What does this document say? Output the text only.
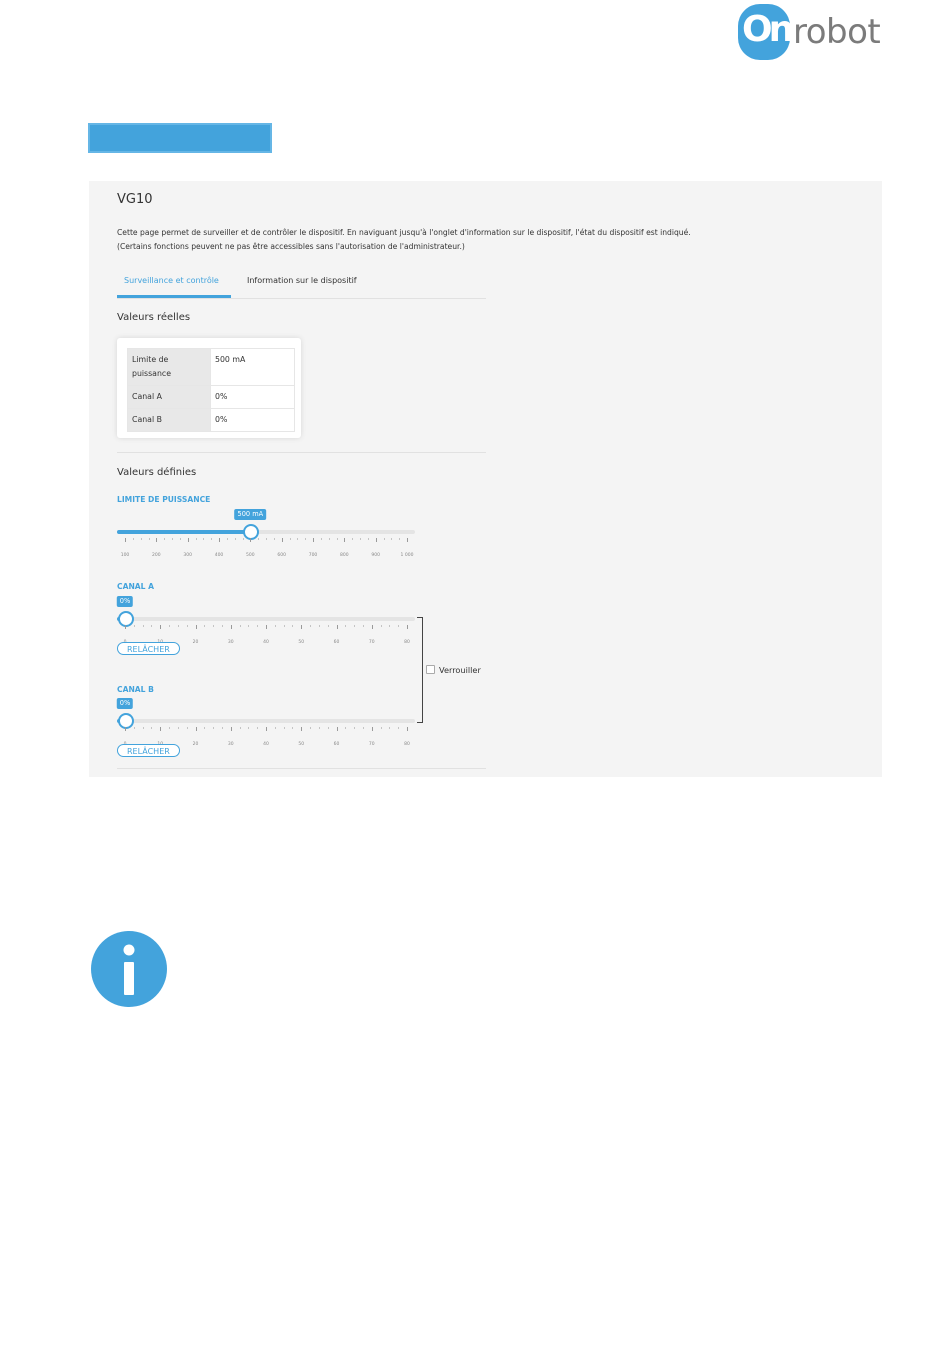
On robot
VG10
Cette page permet de surveiller et de contrôler le dispositif. En naviguant jusqu'à l'onglet d'information sur le dispositif, l'état du dispositif est indiqué.
(Certains fonctions peuvent ne pas être accessibles sans l'autorisation de l'administrateur.)
Surveillance et contrôle	Information sur le dispositif
Valeurs réelles
Limite de puissance	500 mA
Canal A	0%
Canal B	0%
Valeurs définies
LIMITE DE PUISSANCE
500 mA
100	200	300	400	500	600	700	800	900	1 000
CANAL A
0%
20	30	40	50	60	70	80
RELÂCHER
CANAL B
0%
20	30	40	50	60	70	80
RELÂCHER
Verrouiller
